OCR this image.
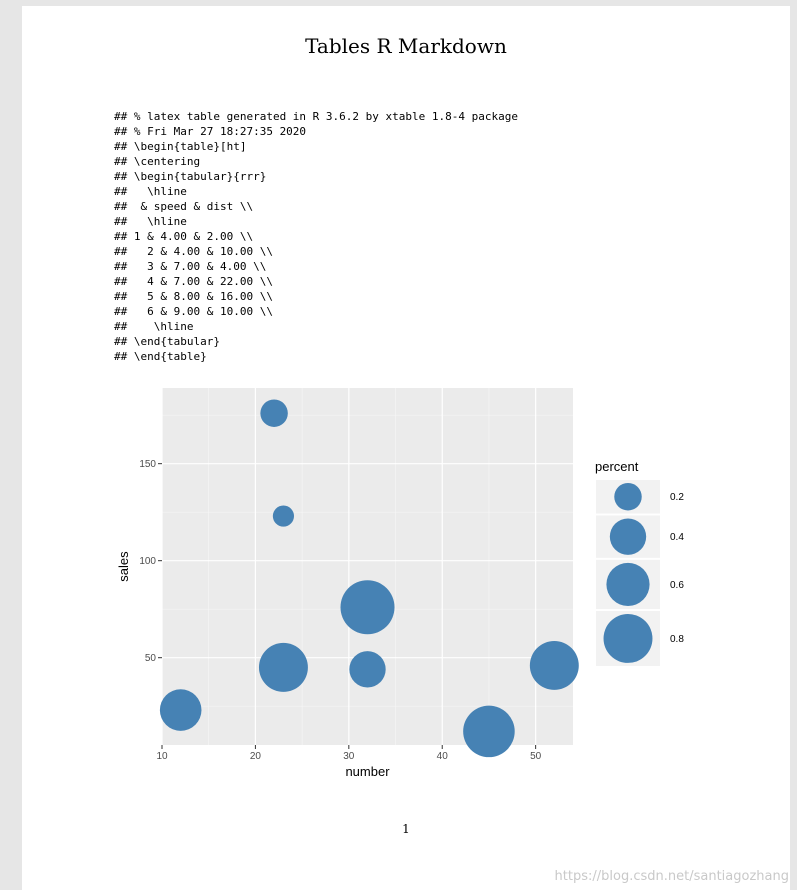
Tables R Markdown
## % latex table generated in R 3.6.2 by xtable 1.8-4 package
## % Fri Mar 27 18:27:35 2020
## \begin{table}[ht]
## \centering
## \begin{tabular}{rrr}
##   \hline
##  & speed & dist \\
##   \hline
## 1 & 4.00 & 2.00 \\
##   2 & 4.00 & 10.00 \\
##   3 & 7.00 & 4.00 \\
##   4 & 7.00 & 22.00 \\
##   5 & 8.00 & 16.00 \\
##   6 & 9.00 & 10.00 \\
##    \hline
## \end{tabular}
## \end{table}

10	20	30	40	50
50
100
150
number
sales
percent
0.2
0.4
0.6
0.8
1
https://blog.csdn.net/santiagozhang
